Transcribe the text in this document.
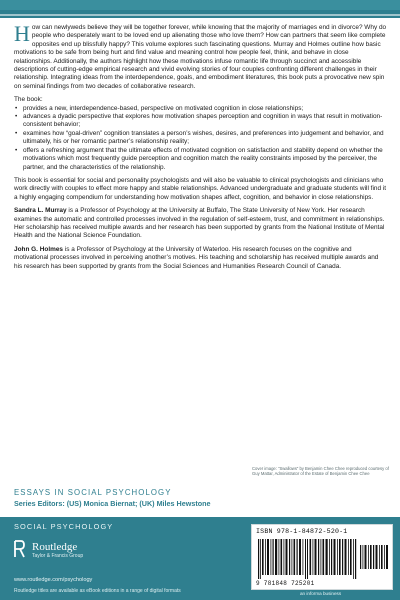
H ow can newlyweds believe they will be together forever, while knowing that the majority of marriages end in divorce? Why do people who desperately want to be loved end up alienating those who love them? How can partners that seem like complete opposites end up blissfully happy? This volume explores such fascinating questions. Murray and Holmes outline how basic motivations to be safe from being hurt and find value and meaning control how people feel, think, and behave in close relationships. Additionally, the authors highlight how these motivations infuse romantic life through succinct and accessible descriptions of cutting-edge empirical research and vivid evolving stories of four couples confronting different challenges in their relationship. Integrating ideas from the interdependence, goals, and embodiment literatures, this book puts a provocative new spin on seminal findings from two decades of collaborative research.
The book:
• provides a new, interdependence-based, perspective on motivated cognition in close relationships;
• advances a dyadic perspective that explores how motivation shapes perception and cognition in ways that result in motivation-consistent behavior;
• examines how “goal-driven” cognition translates a person’s wishes, desires, and preferences into judgement and behavior, and ultimately, his or her romantic partner’s relationship reality;
• offers a refreshing argument that the ultimate effects of motivated cognition on satisfaction and stability depend on whether the motivations which most frequently guide perception and cognition match the reality constraints imposed by the perceiver, the partner, and the characteristics of the relationship.
This book is essential for social and personality psychologists and will also be valuable to clinical psychologists and clinicians who work directly with couples to effect more happy and stable relationships. Advanced undergraduate and graduate students will find it a highly engaging compendium for understanding how motivation shapes affect, cognition, and behavior in close relationships.
Sandra L. Murray is a Professor of Psychology at the University at Buffalo, The State University of New York. Her research examines the automatic and controlled processes involved in the regulation of self-esteem, trust, and commitment in relationships. Her scholarship has received multiple awards and her research has been supported by grants from the National Institute of Mental Health and the National Science Foundation.
John G. Holmes is a Professor of Psychology at the University of Waterloo. His research focuses on the cognitive and motivational processes involved in perceiving another’s motives. His teaching and scholarship has received multiple awards and his research has been supported by grants from the Social Sciences and Humanities Research Council of Canada.
ESSAYS IN SOCIAL PSYCHOLOGY
Series Editors: (US) Monica Biernat; (UK) Miles Hewstone
Cover image: “Swallows” by Benjamin Chee Chee reproduced courtesy of Guy Mattar, Administrator of the Estate of Benjamin Chee Chee
SOCIAL PSYCHOLOGY
Routledge
Taylor & Francis Group
www.routledge.com/psychology
Routledge titles are available as eBook editions in a range of digital formats
ISBN 978-1-84872-520-1
90000
9 781848 725201
an informa business
